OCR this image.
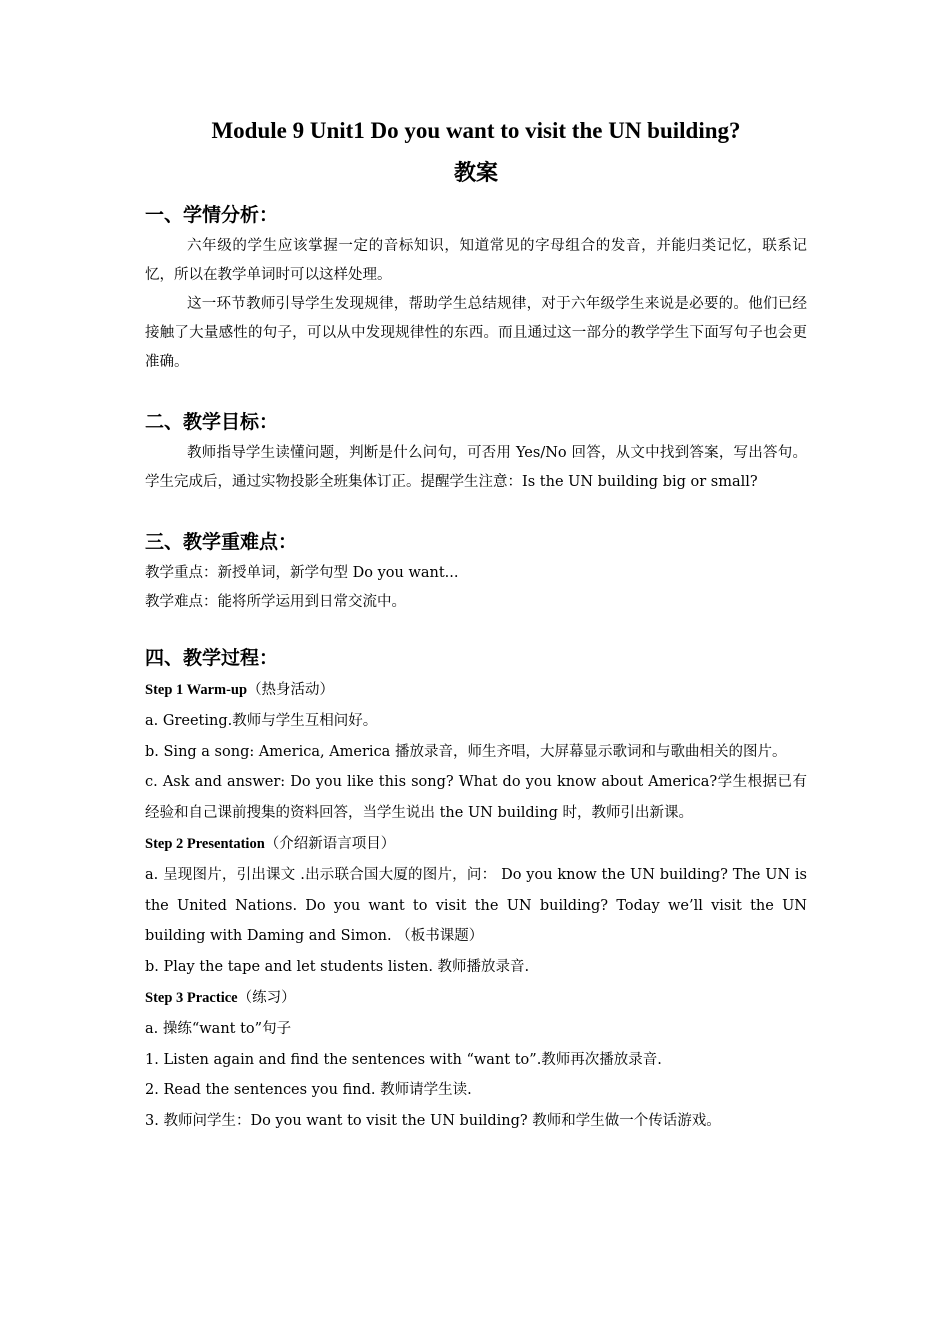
Module 9 Unit1 Do you want to visit the UN building?

教案

一、学情分析：

六年级的学生应该掌握一定的音标知识，知道常见的字母组合的发音，并能归类记忆，联系记忆，所以在教学单词时可以这样处理。

这一环节教师引导学生发现规律，帮助学生总结规律，对于六年级学生来说是必要的。他们已经接触了大量感性的句子，可以从中发现规律性的东西。而且通过这一部分的教学学生下面写句子也会更准确。

二、教学目标：

教师指导学生读懂问题，判断是什么问句，可否用 Yes/No 回答，从文中找到答案，写出答句。学生完成后，通过实物投影全班集体订正。提醒学生注意：Is the UN building big or small?

三、教学重难点：

教学重点：新授单词，新学句型 Do you want...

教学难点：能将所学运用到日常交流中。

四、教学过程：

Step 1 Warm-up（热身活动）

a. Greeting.教师与学生互相问好。

b. Sing a song: America, America 播放录音，师生齐唱，大屏幕显示歌词和与歌曲相关的图片。

c. Ask and answer: Do you like this song? What do you know about America?学生根据已有经验和自己课前搜集的资料回答，当学生说出 the UN building 时，教师引出新课。

Step 2 Presentation（介绍新语言项目）

a. 呈现图片，引出课文 .出示联合国大厦的图片，问： Do you know the UN building? The UN is the United Nations. Do you want to visit the UN building? Today we’ll visit the UN building with Daming and Simon. （板书课题）

b. Play the tape and let students listen. 教师播放录音.

Step 3 Practice（练习）

a. 操练“want to”句子

1. Listen again and find the sentences with “want to”.教师再次播放录音.

2. Read the sentences you find. 教师请学生读.

3. 教师问学生：Do you want to visit the UN building? 教师和学生做一个传话游戏。
